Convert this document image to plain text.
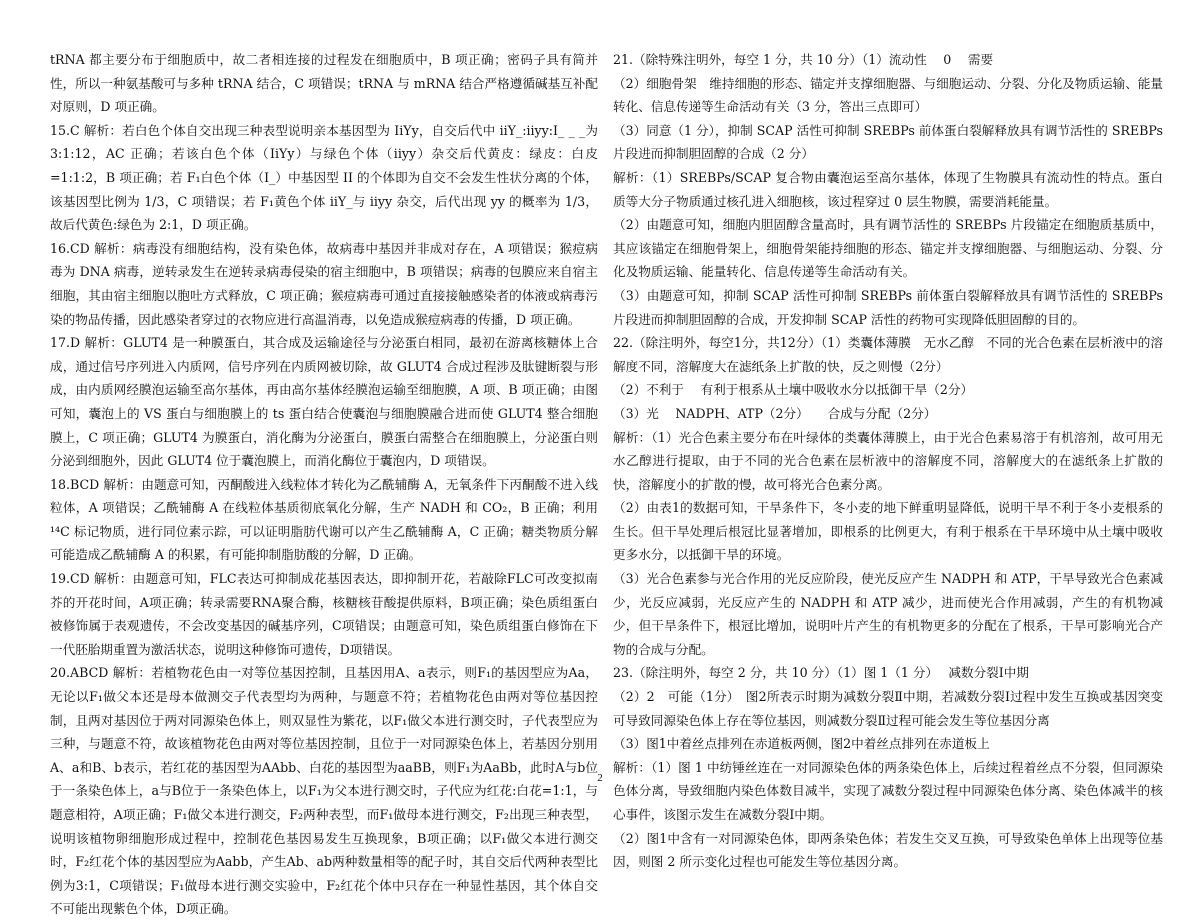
tRNA 都主要分布于细胞质中，故二者相连接的过程发在细胞质中，B 项正确；密码子具有简并性，所以一种氨基酸可与多种 tRNA 结合，C 项错误；tRNA 与 mRNA 结合严格遵循碱基互补配对原则，D 项正确。

15.C 解析：若白色个体自交出现三种表型说明亲本基因型为 IiYy，自交后代中 iiY_:iiyy:I_ _ _为 3:1:12，AC 正确；若该白色个体（IiYy）与绿色个体（iiyy）杂交后代黄皮：绿皮：白皮=1:1:2，B 项正确；若 F₁白色个体（I_）中基因型 II 的个体即为自交不会发生性状分离的个体，该基因型比例为 1/3，C 项错误；若 F₁黄色个体 iiY_与 iiyy 杂交，后代出现 yy 的概率为 1/3，故后代黄色:绿色为 2:1，D 项正确。

16.CD 解析：病毒没有细胞结构，没有染色体，故病毒中基因并非成对存在，A 项错误；猴痘病毒为 DNA 病毒，逆转录发生在逆转录病毒侵染的宿主细胞中，B 项错误；病毒的包膜应来自宿主细胞，其由宿主细胞以胞吐方式释放，C 项正确；猴痘病毒可通过直接接触感染者的体液或病毒污染的物品传播，因此感染者穿过的衣物应进行高温消毒，以免造成猴痘病毒的传播，D 项正确。

17.D 解析：GLUT4 是一种膜蛋白，其合成及运输途径与分泌蛋白相同，最初在游离核糖体上合成，通过信号序列进入内质网，信号序列在内质网被切除，故 GLUT4 合成过程涉及肽键断裂与形成，由内质网经膜泡运输至高尔基体，再由高尔基体经膜泡运输至细胞膜，A 项、B 项正确；由图可知，囊泡上的 VS 蛋白与细胞膜上的 ts 蛋白结合使囊泡与细胞膜融合进而使 GLUT4 整合细胞膜上，C 项正确；GLUT4 为膜蛋白，消化酶为分泌蛋白，膜蛋白需整合在细胞膜上，分泌蛋白则分泌到细胞外，因此 GLUT4 位于囊泡膜上，而消化酶位于囊泡内，D 项错误。

18.BCD 解析：由题意可知，丙酮酸进入线粒体才转化为乙酰辅酶 A，无氧条件下丙酮酸不进入线粒体，A 项错误；乙酰辅酶 A 在线粒体基质彻底氧化分解，生产 NADH 和 CO₂，B 正确；利用 ¹⁴C 标记物质，进行同位素示踪，可以证明脂肪代谢可以产生乙酰辅酶 A，C 正确；糖类物质分解可能造成乙酰辅酶 A 的积累，有可能抑制脂肪酸的分解，D 正确。

19.CD 解析：由题意可知，FLC表达可抑制成花基因表达，即抑制开花，若敲除FLC可改变拟南芥的开花时间，A项正确；转录需要RNA聚合酶，核糖核苷酸提供原料，B项正确；染色质组蛋白被修饰属于表观遗传，不会改变基因的碱基序列，C项错误；由题意可知，染色质组蛋白修饰在下一代胚胎期重置为激活状态，说明这种修饰可遗传，D项错误。

20.ABCD 解析：若植物花色由一对等位基因控制，且基因用A、a表示，则F₁的基因型应为Aa，无论以F₁做父本还是母本做测交子代表型均为两种，与题意不符；若植物花色由两对等位基因控制，且两对基因位于两对同源染色体上，则双显性为紫花，以F₁做父本进行测交时，子代表型应为三种，与题意不符，故该植物花色由两对等位基因控制，且位于一对同源染色体上，若基因分别用A、a和B、b表示，若红花的基因型为AAbb、白花的基因型为aaBB，则F₁为AaBb，此时A与b位于一条染色体上，a与B位于一条染色体上，以F₁为父本进行测交时，子代应为红花:白花=1:1，与题意相符，A项正确；F₁做父本进行测交，F₂两种表型，而F₁做母本进行测交，F₂出现三种表型，说明该植物卵细胞形成过程中，控制花色基因易发生互换现象，B项正确；以F₁做父本进行测交时，F₂红花个体的基因型应为Aabb，产生Ab、ab两种数量相等的配子时，其自交后代两种表型比例为3:1，C项错误；F₁做母本进行测交实验中，F₂红花个体中只存在一种显性基因，其个体自交不可能出现紫色个体，D项正确。

21.（除特殊注明外，每空 1 分，共 10 分）（1）流动性　 0　 需要

（2）细胞骨架　维持细胞的形态、锚定并支撑细胞器、与细胞运动、分裂、分化及物质运输、能量转化、信息传递等生命活动有关（3 分，答出三点即可）

（3）同意（1 分），抑制 SCAP 活性可抑制 SREBPs 前体蛋白裂解释放具有调节活性的 SREBPs 片段进而抑制胆固醇的合成（2 分）

解析：（1）SREBPs/SCAP 复合物由囊泡运至高尔基体，体现了生物膜具有流动性的特点。蛋白质等大分子物质通过核孔进入细胞核，该过程穿过 0 层生物膜，需要消耗能量。

（2）由题意可知，细胞内胆固醇含量高时，具有调节活性的 SREBPs 片段锚定在细胞质基质中，其应该锚定在细胞骨架上，细胞骨架能持细胞的形态、锚定并支撑细胞器、与细胞运动、分裂、分化及物质运输、能量转化、信息传递等生命活动有关。

（3）由题意可知，抑制 SCAP 活性可抑制 SREBPs 前体蛋白裂解释放具有调节活性的 SREBPs 片段进而抑制胆固醇的合成，开发抑制 SCAP 活性的药物可实现降低胆固醇的目的。

22.（除注明外，每空1分，共12分）（1）类囊体薄膜　无水乙醇　不同的光合色素在层析液中的溶解度不同，溶解度大在滤纸条上扩散的快，反之则慢（2分）

（2）不利于　 有利于根系从土壤中吸收水分以抵御干旱（2分）

（3）光　 NADPH、ATP（2分）　　合成与分配（2分）

解析：（1）光合色素主要分布在叶绿体的类囊体薄膜上，由于光合色素易溶于有机溶剂，故可用无水乙醇进行提取，由于不同的光合色素在层析液中的溶解度不同，溶解度大的在滤纸条上扩散的快，溶解度小的扩散的慢，故可将光合色素分离。

（2）由表1的数据可知，干旱条件下，冬小麦的地下鲜重明显降低，说明干旱不利于冬小麦根系的生长。但干旱处理后根冠比显著增加，即根系的比例更大，有利于根系在干旱环境中从土壤中吸收更多水分，以抵御干旱的环境。

（3）光合色素参与光合作用的光反应阶段，使光反应产生 NADPH 和 ATP，干旱导致光合色素减少，光反应减弱，光反应产生的 NADPH 和 ATP 减少，进而使光合作用减弱，产生的有机物减少，但干旱条件下，根冠比增加，说明叶片产生的有机物更多的分配在了根系，干旱可影响光合产物的合成与分配。

23.（除注明外，每空 2 分，共 10 分）（1）图 1（1 分）　 减数分裂Ⅰ中期

（2）2　可能（1分）　图2所表示时期为减数分裂Ⅱ中期，若减数分裂Ⅰ过程中发生互换或基因突变可导致同源染色体上存在等位基因，则减数分裂Ⅱ过程可能会发生等位基因分离

（3）图1中着丝点排列在赤道板两侧，图2中着丝点排列在赤道板上

解析：（1）图 1 中纺锤丝连在一对同源染色体的两条染色体上，后续过程着丝点不分裂，但同源染色体分离，导致细胞内染色体数目减半，实现了减数分裂过程中同源染色体分离、染色体减半的核心事件，该图示发生在减数分裂Ⅰ中期。

（2）图1中含有一对同源染色体，即两条染色体；若发生交叉互换，可导致染色单体上出现等位基因，则图 2 所示变化过程也可能发生等位基因分离。

2
